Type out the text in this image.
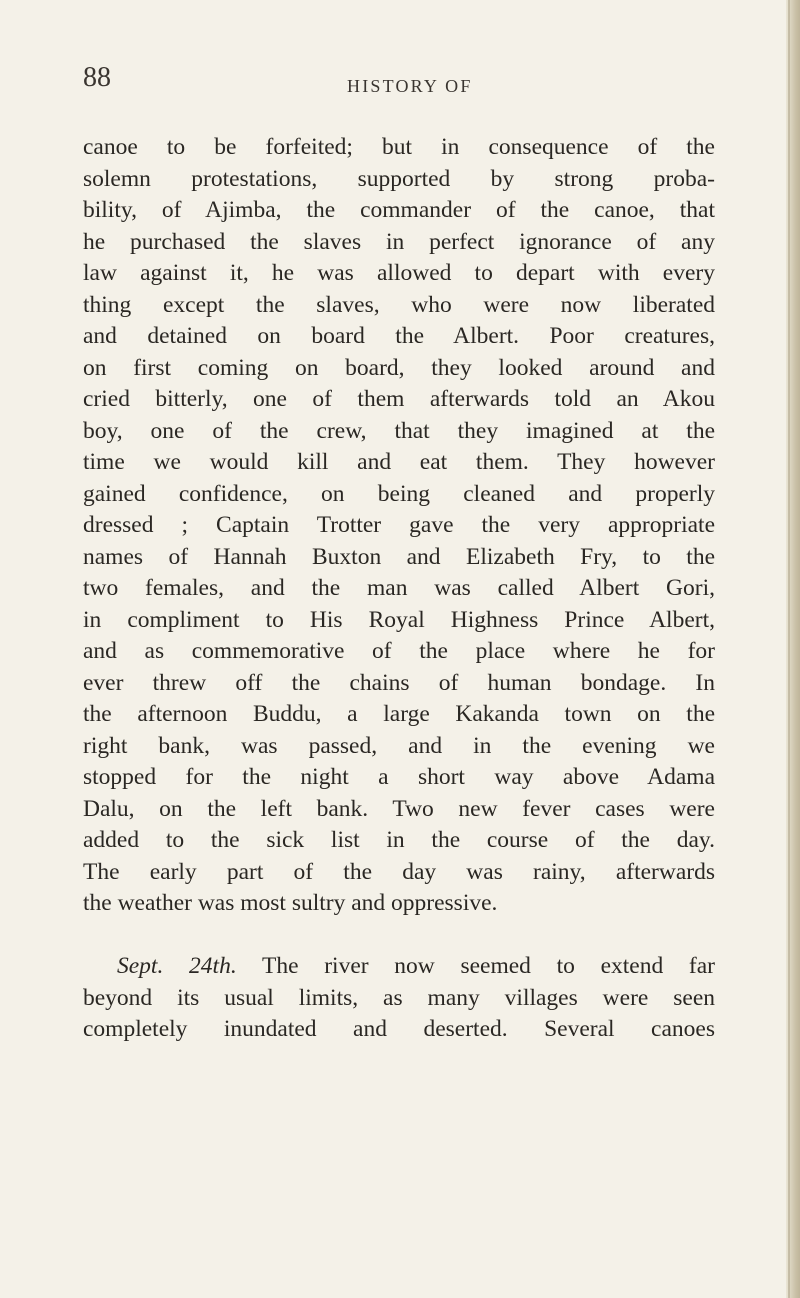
88	HISTORY OF
canoe to be forfeited; but in consequence of the
solemn protestations, supported by strong proba-
bility, of Ajimba, the commander of the canoe, that
he purchased the slaves in perfect ignorance of any
law against it, he was allowed to depart with every
thing except the slaves, who were now liberated
and detained on board the Albert. Poor creatures,
on first coming on board, they looked around and
cried bitterly, one of them afterwards told an Akou
boy, one of the crew, that they imagined at the
time we would kill and eat them. They however
gained confidence, on being cleaned and properly
dressed ; Captain Trotter gave the very appropriate
names of Hannah Buxton and Elizabeth Fry, to the
two females, and the man was called Albert Gori,
in compliment to His Royal Highness Prince Albert,
and as commemorative of the place where he for
ever threw off the chains of human bondage. In
the afternoon Buddu, a large Kakanda town on the
right bank, was passed, and in the evening we
stopped for the night a short way above Adama
Dalu, on the left bank. Two new fever cases were
added to the sick list in the course of the day.
The early part of the day was rainy, afterwards
the weather was most sultry and oppressive.
Sept. 24th. The river now seemed to extend far
beyond its usual limits, as many villages were seen
completely inundated and deserted. Several canoes
